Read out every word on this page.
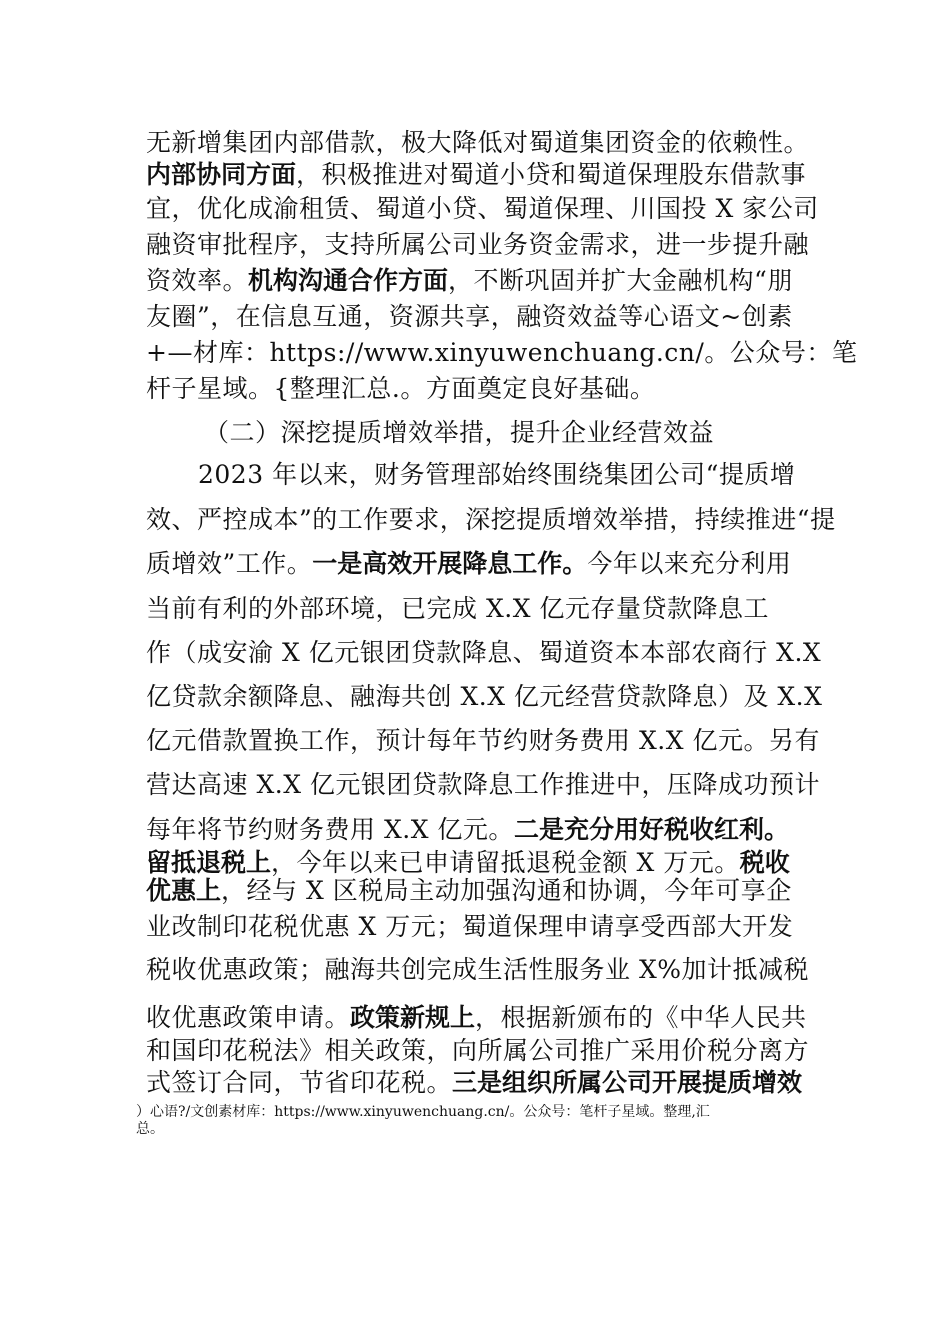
无新增集团内部借款，极大降低对蜀道集团资金的依赖性。
内部协同方面，积极推进对蜀道小贷和蜀道保理股东借款事
宜，优化成渝租赁、蜀道小贷、蜀道保理、川国投 X 家公司
融资审批程序，支持所属公司业务资金需求，进一步提升融
资效率。机构沟通合作方面，不断巩固并扩大金融机构“朋
友圈”，在信息互通，资源共享，融资效益等心语文~创素
+—材库：https://www.xinyuwenchuang.cn/。公众号：笔
杆子星域。{整理汇总.。方面奠定良好基础。
（二）深挖提质增效举措，提升企业经营效益
2023 年以来，财务管理部始终围绕集团公司“提质增
效、严控成本”的工作要求，深挖提质增效举措，持续推进“提
质增效”工作。一是高效开展降息工作。今年以来充分利用
当前有利的外部环境，已完成 X.X 亿元存量贷款降息工
作（成安渝 X 亿元银团贷款降息、蜀道资本本部农商行 X.X
亿贷款余额降息、融海共创 X.X 亿元经营贷款降息）及 X.X
亿元借款置换工作，预计每年节约财务费用 X.X 亿元。另有
营达高速 X.X 亿元银团贷款降息工作推进中，压降成功预计
每年将节约财务费用 X.X 亿元。二是充分用好税收红利。
留抵退税上，今年以来已申请留抵退税金额 X 万元。税收
优惠上，经与 X 区税局主动加强沟通和协调，今年可享企
业改制印花税优惠 X 万元；蜀道保理申请享受西部大开发
税收优惠政策；融海共创完成生活性服务业 X%加计抵减税
收优惠政策申请。政策新规上，根据新颁布的《中华人民共
和国印花税法》相关政策，向所属公司推广采用价税分离方
式签订合同，节省印花税。三是组织所属公司开展提质增效
）心语?/文创素材库：https://www.xinyuwenchuang.cn/。公众号：笔杆子星域。整理,汇
总。
